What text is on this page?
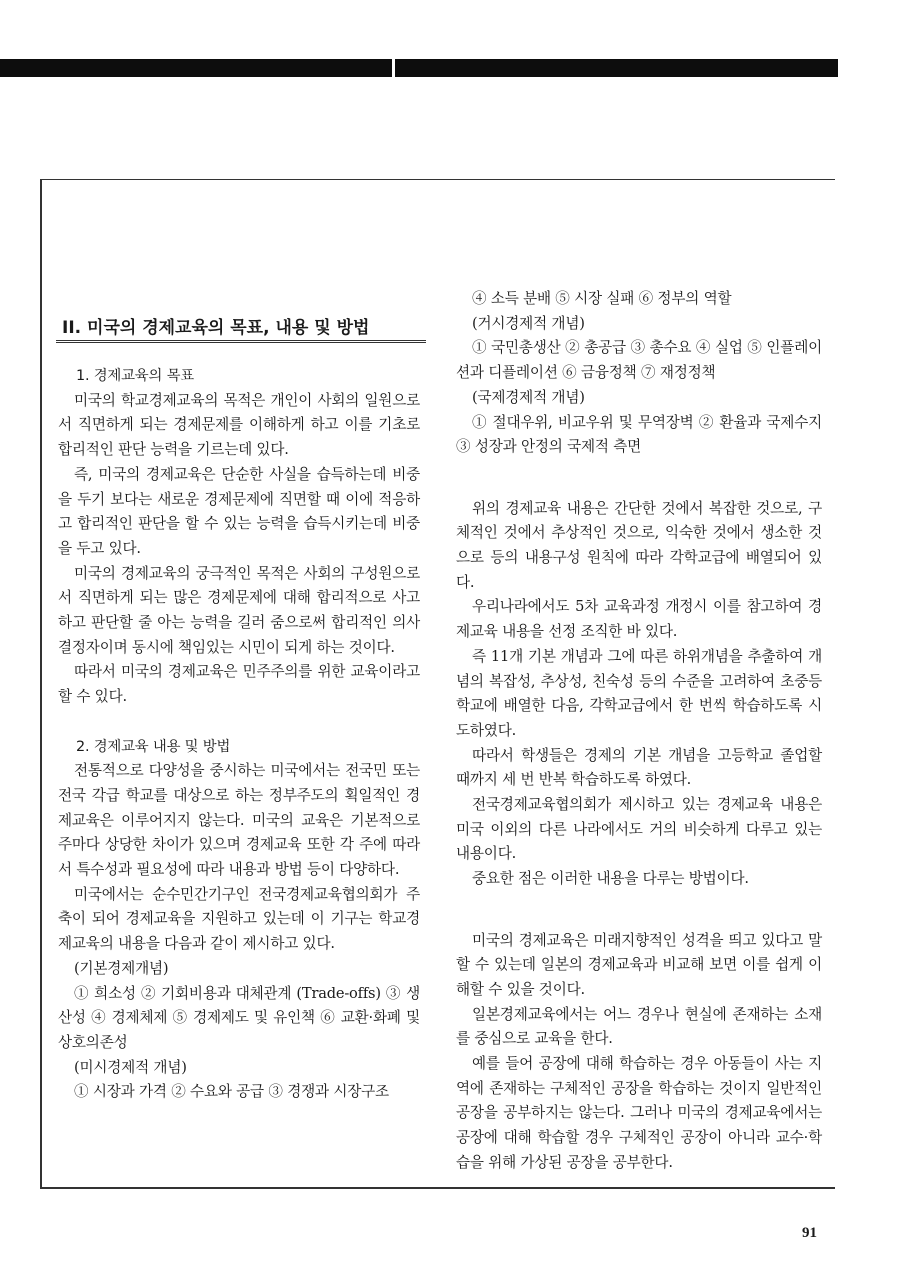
II. 미국의 경제교육의 목표, 내용 및 방법
1. 경제교육의 목표
미국의 학교경제교육의 목적은 개인이 사회의 일원으로서 직면하게 되는 경제문제를 이해하게 하고 이를 기초로 합리적인 판단 능력을 기르는데 있다.
즉, 미국의 경제교육은 단순한 사실을 습득하는데 비중을 두기 보다는 새로운 경제문제에 직면할 때 이에 적응하고 합리적인 판단을 할 수 있는 능력을 습득시키는데 비중을 두고 있다.
미국의 경제교육의 궁극적인 목적은 사회의 구성원으로서 직면하게 되는 많은 경제문제에 대해 합리적으로 사고하고 판단할 줄 아는 능력을 길러 줌으로써 합리적인 의사 결정자이며 동시에 책임있는 시민이 되게 하는 것이다.
따라서 미국의 경제교육은 민주주의를 위한 교육이라고 할 수 있다.
2. 경제교육 내용 및 방법
전통적으로 다양성을 중시하는 미국에서는 전국민 또는 전국 각급 학교를 대상으로 하는 정부주도의 획일적인 경제교육은 이루어지지 않는다. 미국의 교육은 기본적으로 주마다 상당한 차이가 있으며 경제교육 또한 각 주에 따라서 특수성과 필요성에 따라 내용과 방법 등이 다양하다.
미국에서는 순수민간기구인 전국경제교육협의회가 주축이 되어 경제교육을 지원하고 있는데 이 기구는 학교경제교육의 내용을 다음과 같이 제시하고 있다.
(기본경제개념)
① 희소성 ② 기회비용과 대체관계 (Trade-offs) ③ 생산성 ④ 경제체제 ⑤ 경제제도 및 유인책 ⑥ 교환·화폐 및 상호의존성
(미시경제적 개념)
① 시장과 가격 ② 수요와 공급 ③ 경쟁과 시장구조
④ 소득 분배 ⑤ 시장 실패 ⑥ 정부의 역할
(거시경제적 개념)
① 국민총생산 ② 총공급 ③ 총수요 ④ 실업 ⑤ 인플레이션과 디플레이션 ⑥ 금융정책 ⑦ 재정정책
(국제경제적 개념)
① 절대우위, 비교우위 및 무역장벽 ② 환율과 국제수지 ③ 성장과 안정의 국제적 측면
위의 경제교육 내용은 간단한 것에서 복잡한 것으로, 구체적인 것에서 추상적인 것으로, 익숙한 것에서 생소한 것으로 등의 내용구성 원칙에 따라 각학교급에 배열되어 있다.
우리나라에서도 5차 교육과정 개정시 이를 참고하여 경제교육 내용을 선정 조직한 바 있다.
즉 11개 기본 개념과 그에 따른 하위개념을 추출하여 개념의 복잡성, 추상성, 친숙성 등의 수준을 고려하여 초중등학교에 배열한 다음, 각학교급에서 한 번씩 학습하도록 시도하였다.
따라서 학생들은 경제의 기본 개념을 고등학교 졸업할 때까지 세 번 반복 학습하도록 하였다.
전국경제교육협의회가 제시하고 있는 경제교육 내용은 미국 이외의 다른 나라에서도 거의 비슷하게 다루고 있는 내용이다.
중요한 점은 이러한 내용을 다루는 방법이다.
미국의 경제교육은 미래지향적인 성격을 띄고 있다고 말할 수 있는데 일본의 경제교육과 비교해 보면 이를 쉽게 이해할 수 있을 것이다.
일본경제교육에서는 어느 경우나 현실에 존재하는 소재를 중심으로 교육을 한다.
예를 들어 공장에 대해 학습하는 경우 아동들이 사는 지역에 존재하는 구체적인 공장을 학습하는 것이지 일반적인 공장을 공부하지는 않는다. 그러나 미국의 경제교육에서는 공장에 대해 학습할 경우 구체적인 공장이 아니라 교수·학습을 위해 가상된 공장을 공부한다.
91
